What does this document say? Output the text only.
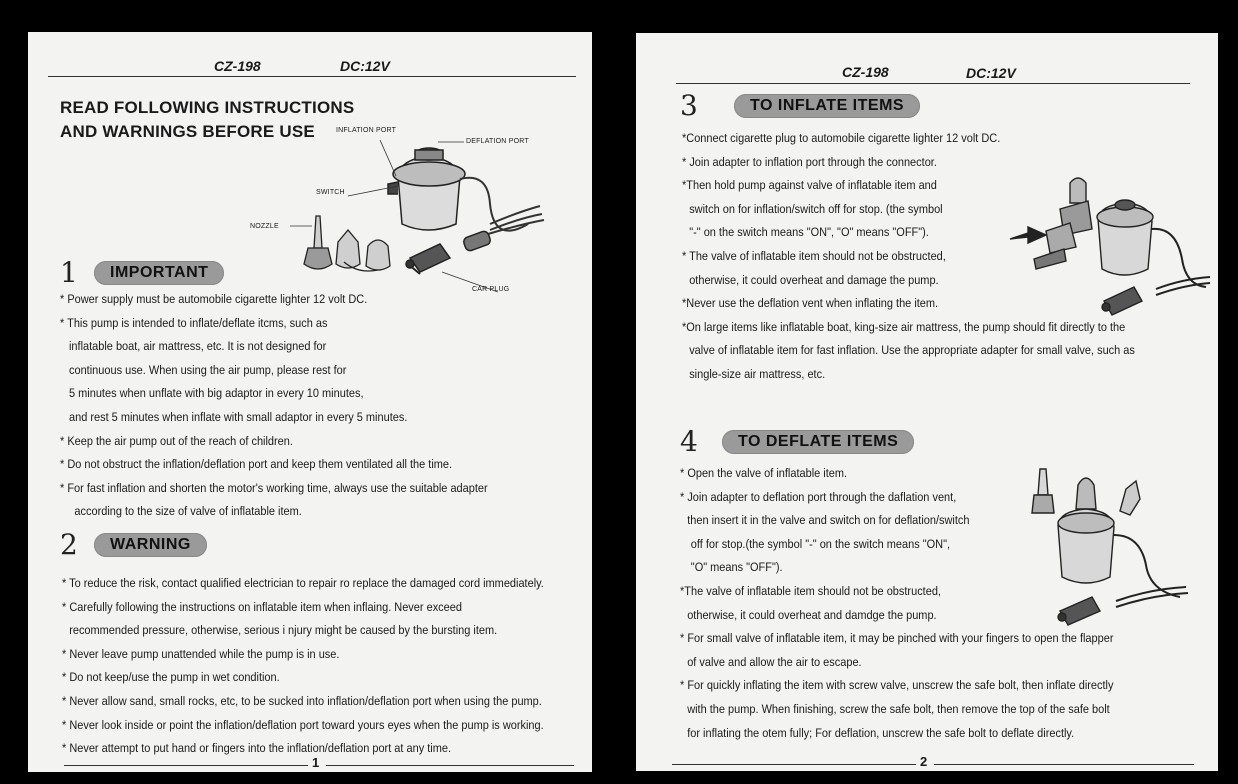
CZ-198	DC:12V
READ FOLLOWING INSTRUCTIONS
AND WARNINGS BEFORE USE	INFLATION PORT
DEFLATION PORT
SWITCH
NOZZLE
CAR PLUG
1	IMPORTANT
* Power supply must be automobile cigarette lighter 12 volt DC.
* This pump is intended to inflate/deflate itcms, such as
inflatable boat, air mattress, etc. It is not designed for
continuous use. When using the air pump, please rest for
5 minutes when unflate with big adaptor in every 10 minutes,
and rest 5 minutes when inflate with small adaptor in every 5 minutes.
* Keep the air pump out of the reach of children.
* Do not obstruct the inflation/deflation port and keep them ventilated all the time.
* For fast inflation and shorten the motor's working time, always use the suitable adapter
according to the size of valve of inflatable item.
2	WARNING
* To reduce the risk, contact qualified electrician to repair ro replace the damaged cord immediately.
* Carefully following the instructions on inflatable item when inflaing. Never exceed
recommended pressure, otherwise, serious i njury might be caused by the bursting item.
* Never leave pump unattended while the pump is in use.
* Do not keep/use the pump in wet condition.
* Never allow sand, small rocks, etc, to be sucked into inflation/deflation port when using the pump.
* Never look inside or point the inflation/deflation port toward yours eyes when the pump is working.
* Never attempt to put hand or fingers into the inflation/deflation port at any time.
1
CZ-198	DC:12V
3	TO INFLATE ITEMS
*Connect cigarette plug to automobile cigarette lighter 12 volt DC.
* Join adapter to inflation port through the connector.
*Then hold pump against valve of inflatable item and
switch on for inflation/switch off for stop. (the symbol
"-" on the switch means "ON", "O" means "OFF").
* The valve of inflatable item should not be obstructed,
otherwise, it could overheat and damage the pump.
*Never use the deflation vent when inflating the item.
*On large items like inflatable boat, king-size air mattress, the pump should fit directly to the
valve of inflatable item for fast inflation. Use the appropriate adapter for small valve, such as
single-size air mattress, etc.
4	TO DEFLATE ITEMS
* Open the valve of inflatable item.
* Join adapter to deflation port through the daflation vent,
then insert it in the valve and switch on for deflation/switch
off for stop.(the symbol "-" on the switch means "ON",
"O" means "OFF").
*The valve of inflatable item should not be obstructed,
otherwise, it could overheat and damdge the pump.
* For small valve of inflatable item, it may be pinched with your fingers to open the flapper
of valve and allow the air to escape.
* For quickly inflating the item with screw valve, unscrew the safe bolt, then inflate directly
with the pump. When finishing, screw the safe bolt, then remove the top of the safe bolt
for inflating the otem fully; For deflation, unscrew the safe bolt to deflate directly.
2
